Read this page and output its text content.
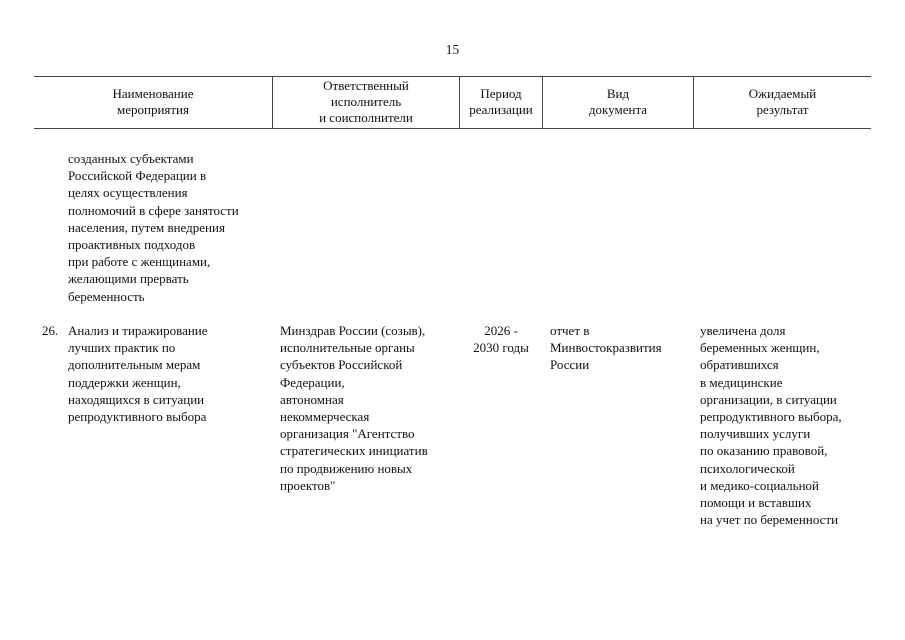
15
Наименование
мероприятия
Ответственный
исполнитель
и соисполнители
Период
реализации
Вид
документа
Ожидаемый
результат
созданных субъектами
Российской Федерации в
целях осуществления
полномочий в сфере занятости
населения, путем внедрения
проактивных подходов
при работе с женщинами,
желающими прервать
беременность
26. Анализ и тиражирование
лучших практик по
дополнительным мерам
поддержки женщин,
находящихся в ситуации
репродуктивного выбора
Минздрав России (созыв),
исполнительные органы
субъектов Российской
Федерации,
автономная
некоммерческая
организация "Агентство
стратегических инициатив
по продвижению новых
проектов"
2026 -
2030 годы
отчет в
Минвостокразвития
России
увеличена доля
беременных женщин,
обратившихся
в медицинские
организации, в ситуации
репродуктивного выбора,
получивших услуги
по оказанию правовой,
психологической
и медико-социальной
помощи и вставших
на учет по беременности
